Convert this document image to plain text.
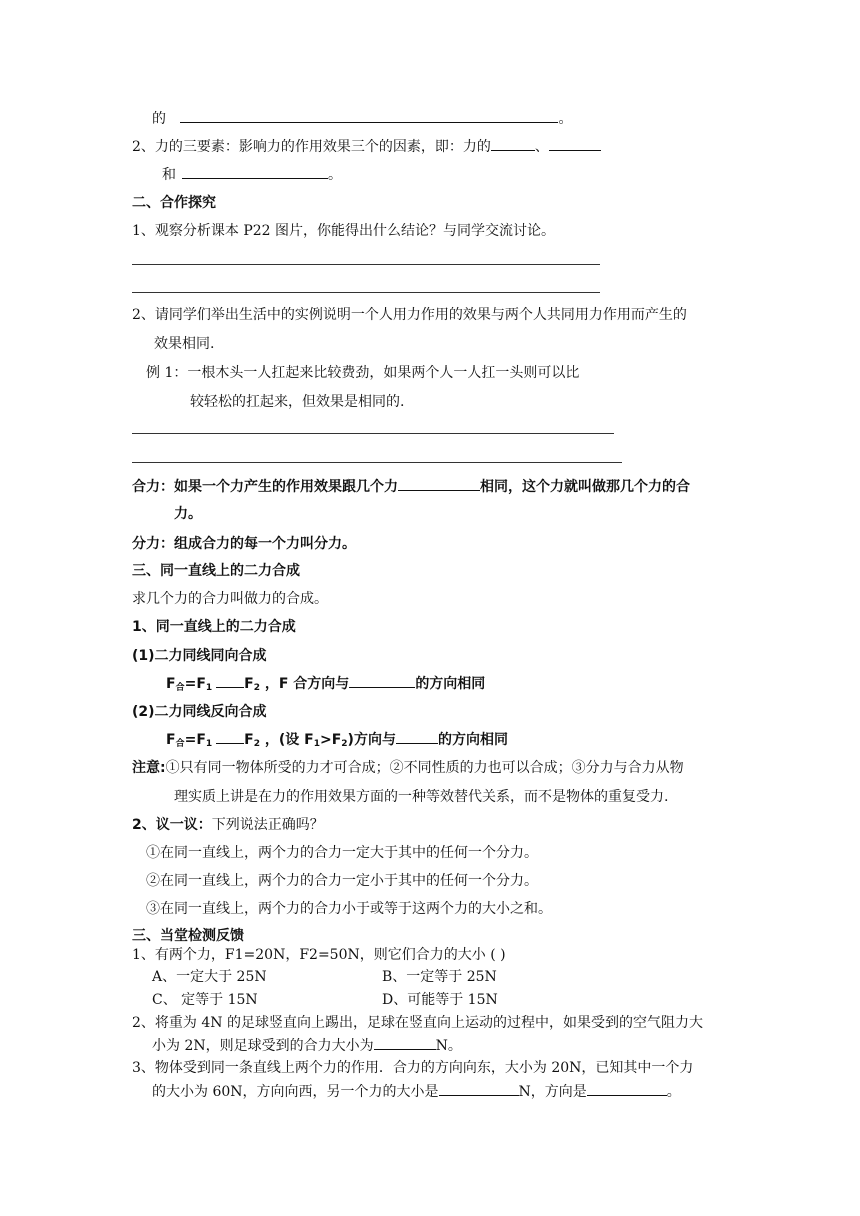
的	。
2、力的三要素：影响力的作用效果三个的因素，即：力的	、
和	。
二、合作探究
1、观察分析课本 P22 图片，你能得出什么结论？与同学交流讨论。
2、请同学们举出生活中的实例说明一个人用力作用的效果与两个人共同用力作用而产生的
效果相同.
例 1：一根木头一人扛起来比较费劲，如果两个人一人扛一头则可以比
较轻松的扛起来，但效果是相同的.
合力：如果一个力产生的作用效果跟几个力	相同，这个力就叫做那几个力的合
力。
分力：组成合力的每一个力叫分力。
三、同一直线上的二力合成
求几个力的合力叫做力的合成。
1、同一直线上的二力合成
(1)二力同线同向合成
$F_合=F_1$ $F_2$ ，F 合方向与	的方向相同
(2)二力同线反向合成
$F_合=F_1$ $F_2$ ，(设 $F_1>F_2$)方向与	的方向相同
注意:①只有同一物体所受的力才可合成；②不同性质的力也可以合成；③分力与合力从物
理实质上讲是在力的作用效果方面的一种等效替代关系，而不是物体的重复受力.
2、议一议：下列说法正确吗？
①在同一直线上，两个力的合力一定大于其中的任何一个分力。
②在同一直线上，两个力的合力一定小于其中的任何一个分力。
③在同一直线上，两个力的合力小于或等于这两个力的大小之和。
三、当堂检测反馈
1、有两个力，F1=20N，F2=50N，则它们合力的大小 ( )
A、一定大于 25N	B、一定等于 25N
C、 定等于 15N	D、可能等于 15N
2、将重为 4N 的足球竖直向上踢出，足球在竖直向上运动的过程中，如果受到的空气阻力大
小为 2N，则足球受到的合力大小为	N。
3、物体受到同一条直线上两个力的作用．合力的方向向东，大小为 20N，已知其中一个力
的大小为 60N，方向向西，另一个力的大小是	N，方向是	。
